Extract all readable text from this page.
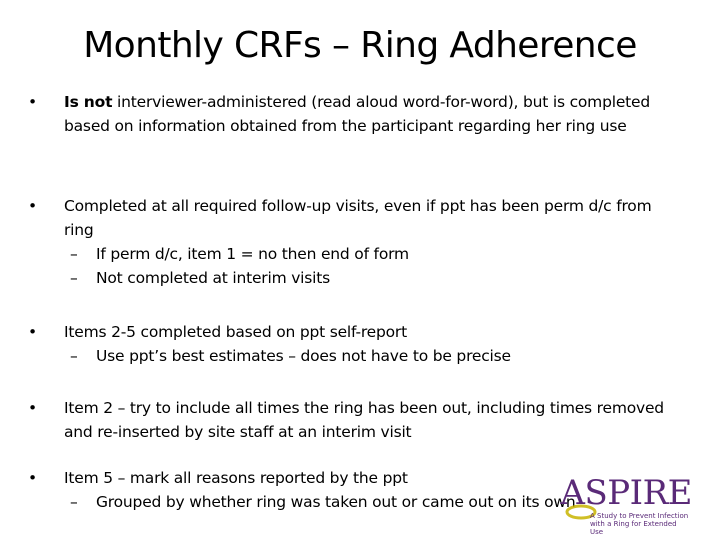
Monthly CRFs – Ring Adherence
• Is not interviewer-administered (read aloud word-for-word), but is completed based on information obtained from the participant regarding her ring use
• Completed at all required follow-up visits, even if ppt has been perm d/c from ring
– If perm d/c, item 1 = no then end of form
– Not completed at interim visits
• Items 2-5 completed based on ppt self-report
– Use ppt’s best estimates – does not have to be precise
• Item 2 – try to include all times the ring has been out, including times removed and re-inserted by site staff at an interim visit
• Item 5 – mark all reasons reported by the ppt
– Grouped by whether ring was taken out or came out on its own
ASPIRE
A Study to Prevent Infection with a Ring for Extended Use
